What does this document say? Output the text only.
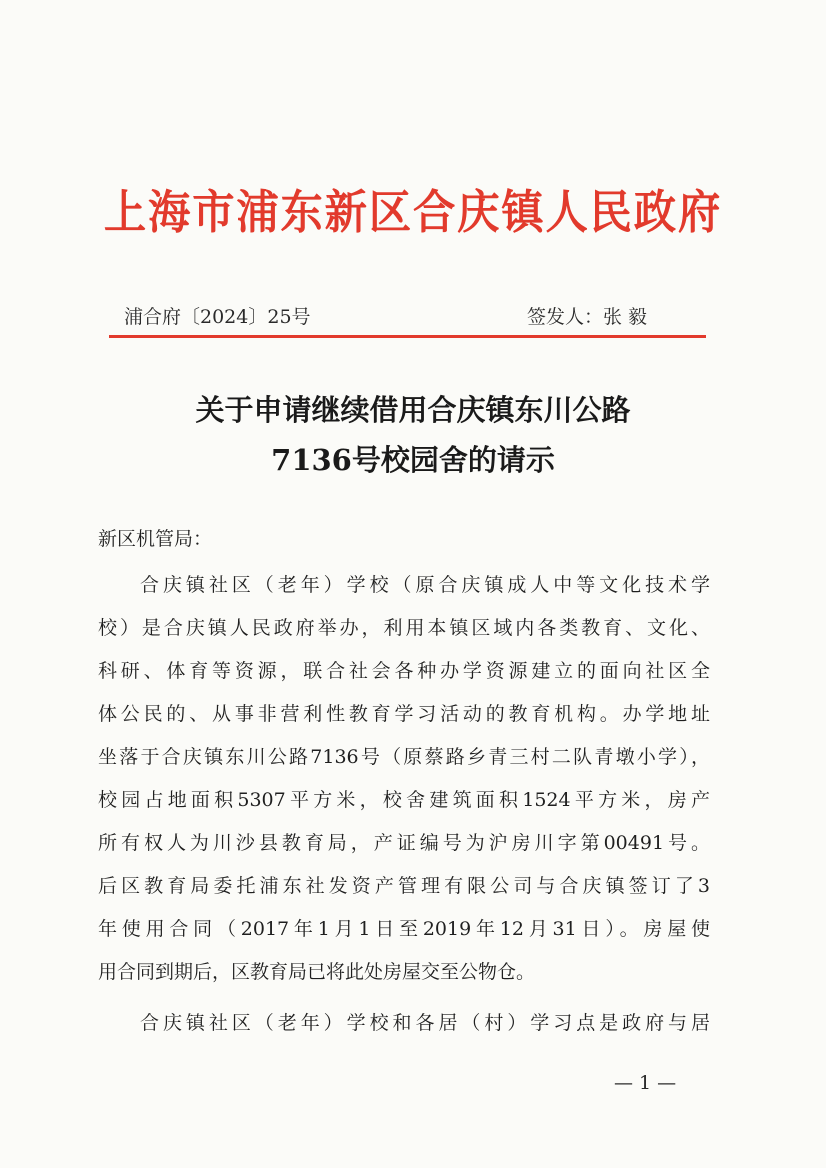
上海市浦东新区合庆镇人民政府
浦合府〔2024〕25号	签发人：张 毅
关于申请继续借用合庆镇东川公路
7136号校园舍的请示
新区机管局：
合庆镇社区（老年）学校（原合庆镇成人中等文化技术学
校）是合庆镇人民政府举办，利用本镇区域内各类教育、文化、
科研、体育等资源，联合社会各种办学资源建立的面向社区全
体公民的、从事非营利性教育学习活动的教育机构。办学地址
坐落于合庆镇东川公路7136号（原蔡路乡青三村二队青墩小学），
校园占地面积5307平方米，校舍建筑面积1524平方米，房产
所有权人为川沙县教育局，产证编号为沪房川字第00491号。
后区教育局委托浦东社发资产管理有限公司与合庆镇签订了3
年使用合同（2017年1月1日至2019年12月31日）。房屋使
用合同到期后，区教育局已将此处房屋交至公物仓。
合庆镇社区（老年）学校和各居（村）学习点是政府与居
— 1 —
